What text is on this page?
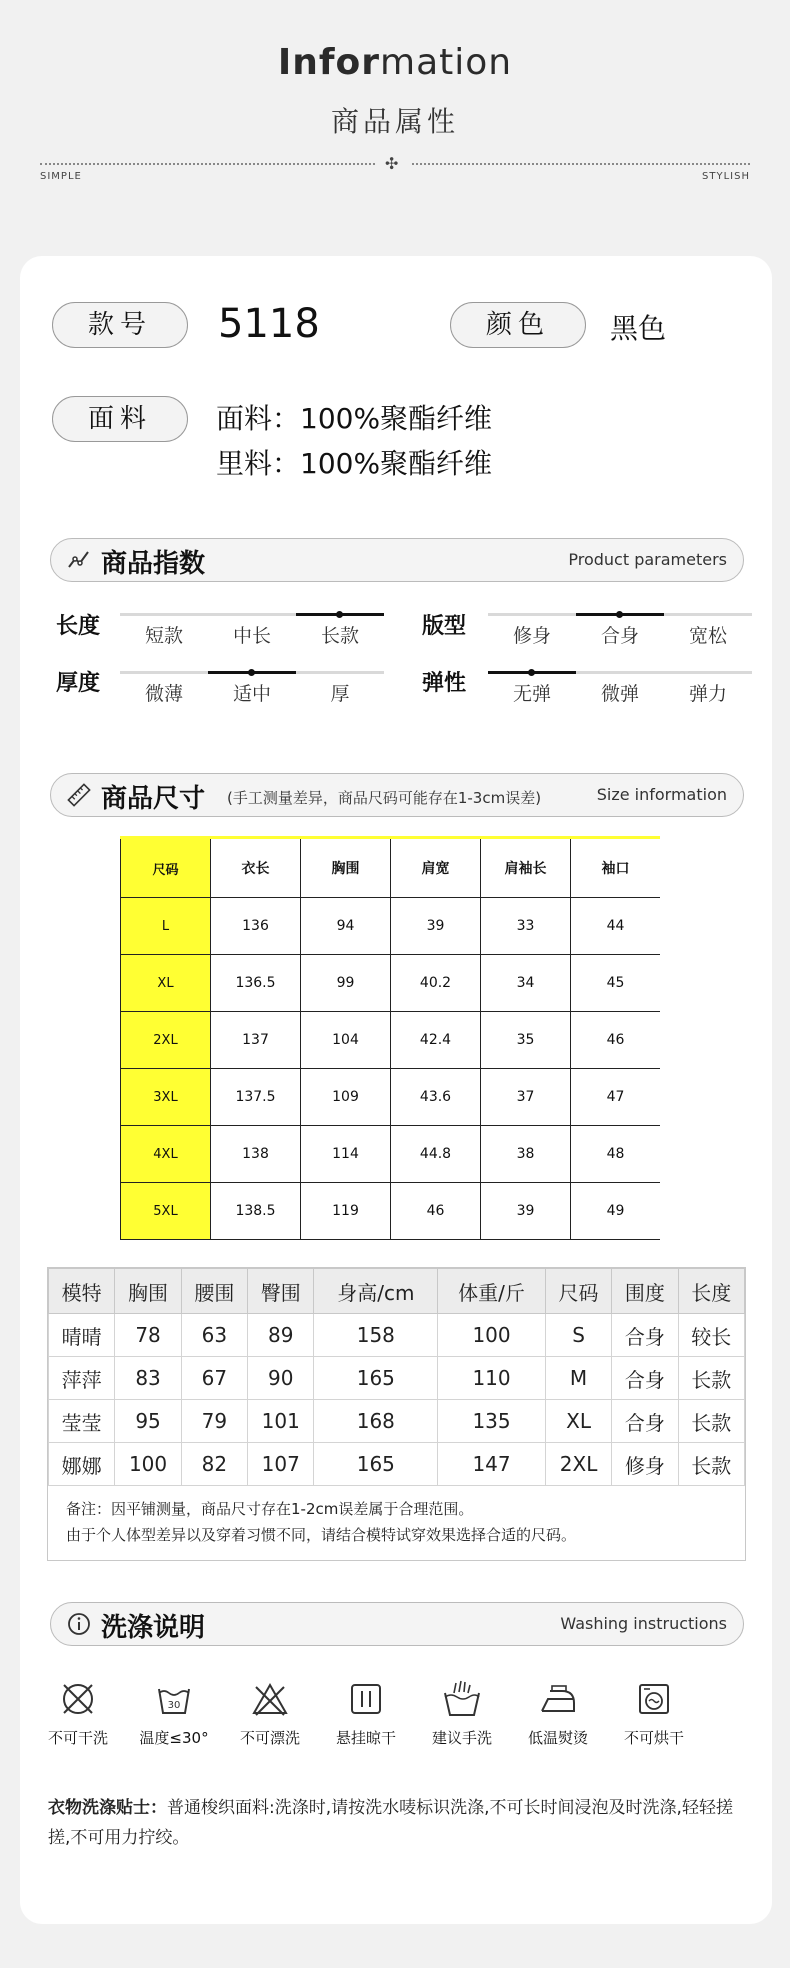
Information
商品属性
✣
SIMPLE	STYLISH
款号	5118	颜色	黑色
面料	面料：100%聚酯纤维
里料：100%聚酯纤维
商品指数	Product parameters
长度	短款	中长	长款	版型	修身	合身	宽松
厚度	微薄	适中	厚	弹性	无弹	微弹	弹力
商品尺寸 (手工测量差异，商品尺码可能存在1-3cm误差)	Size information
尺码	衣长	胸围	肩宽	肩袖长	袖口
L	136	94	39	33	44
XL	136.5	99	40.2	34	45
2XL	137	104	42.4	35	46
3XL	137.5	109	43.6	37	47
4XL	138	114	44.8	38	48
5XL	138.5	119	46	39	49
模特	胸围	腰围	臀围	身高/cm	体重/斤	尺码	围度	长度
晴晴	78	63	89	158	100	S	合身	较长
萍萍	83	67	90	165	110	M	合身	长款
莹莹	95	79	101	168	135	XL	合身	长款
娜娜	100	82	107	165	147	2XL	修身	长款
备注：因平铺测量，商品尺寸存在1-2cm误差属于合理范围。
由于个人体型差异以及穿着习惯不同，请结合模特试穿效果选择合适的尺码。
洗涤说明	Washing instructions
不可干洗
30
温度≤30°	不可漂洗	悬挂晾干	建议手洗	低温熨烫	不可烘干
衣物洗涤贴士：普通梭织面料:洗涤时,请按洗水唛标识洗涤,不可长时间浸泡及时洗涤,轻轻搓搓,不可用力拧绞。
